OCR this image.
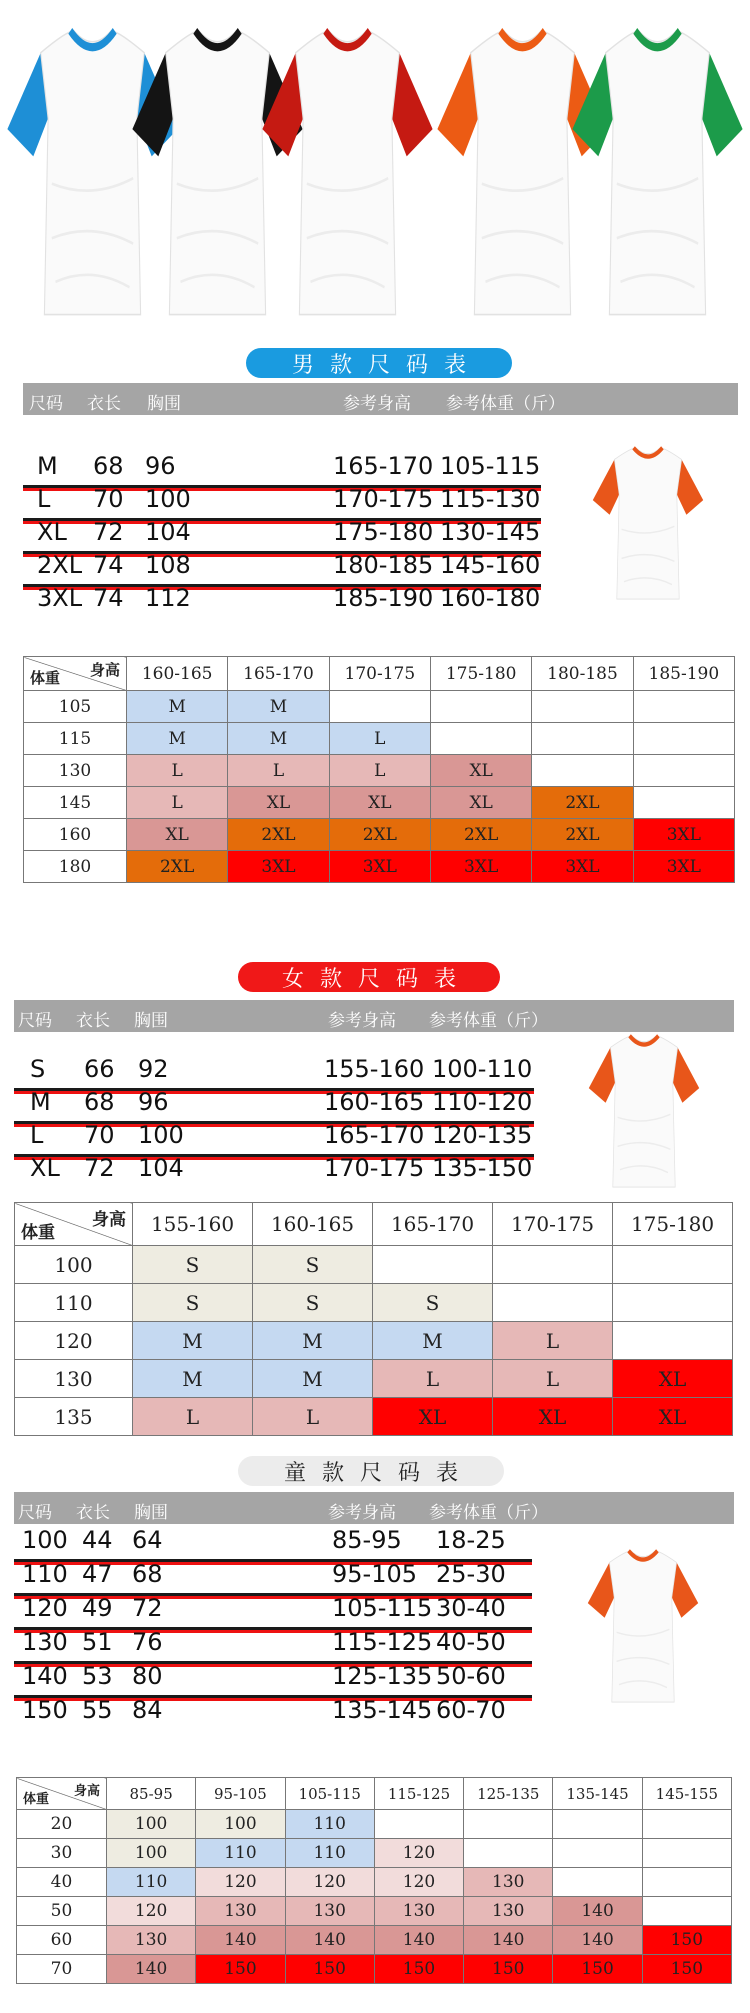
男款尺码表
尺码 衣长 胸围	参考身高 参考体重（斤）
M 68 96	165-170 105-115
L 70 100	170-175 115-130
XL 72 104	175-180 130-145
2XL 74 108	180-185 145-160
3XL 74 112	185-190 160-180
身高
体重	160-165	165-170	170-175	175-180	180-185	185-190
105	M	M				
115	M	M	L			
130	L	L	L	XL		
145	L	XL	XL	XL	2XL	
160	XL	2XL	2XL	2XL	2XL	3XL
180	2XL	3XL	3XL	3XL	3XL	3XL
女款尺码表
尺码 衣长 胸围	参考身高 参考体重（斤）
S 66 92	155-160 100-110
M 68 96	160-165 110-120
L 70 100	165-170 120-135
XL 72 104	170-175 135-150
身高
体重	155-160	160-165	165-170	170-175	175-180
100	S	S			
110	S	S	S		
120	M	M	M	L	
130	M	M	L	L	XL
135	L	L	XL	XL	XL
童款尺码表
尺码 衣长 胸围	参考身高 参考体重（斤）
100 44 64	85-95 18-25
110 47 68	95-105 25-30
120 49 72	105-115 30-40
130 51 76	115-125 40-50
140 53 80	125-135 50-60
150 55 84	135-145 60-70
身高
体重	85-95	95-105	105-115	115-125	125-135	135-145	145-155
20	100	100	110				
30	100	110	110	120			
40	110	120	120	120	130		
50	120	130	130	130	130	140	
60	130	140	140	140	140	140	150
70	140	150	150	150	150	150	150
